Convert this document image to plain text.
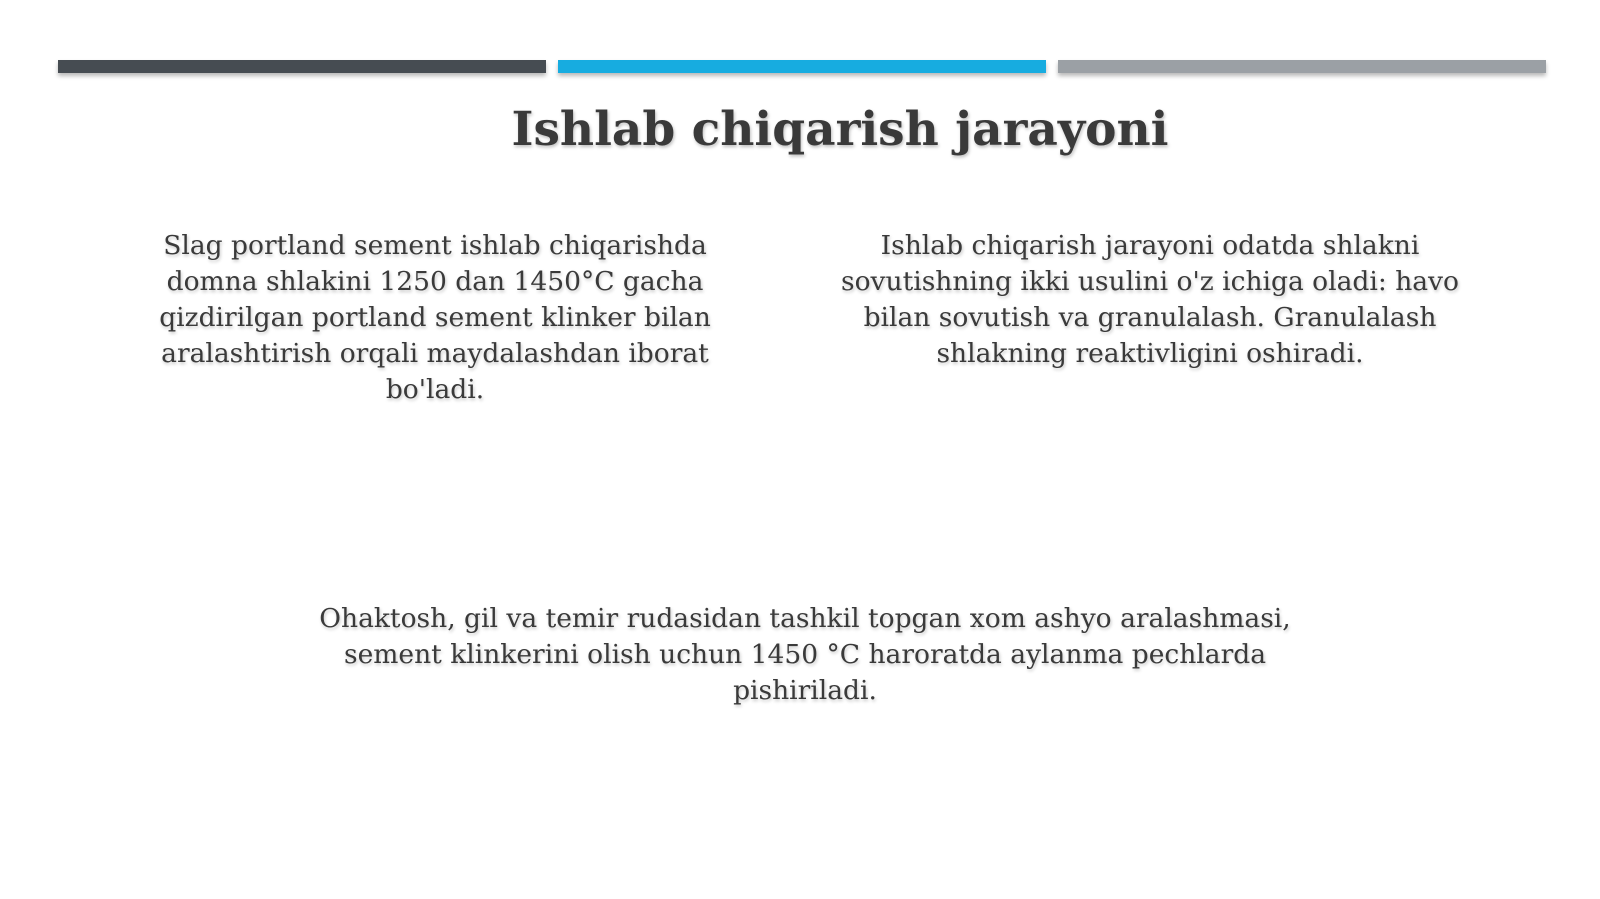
Ishlab chiqarish jarayoni

Slag portland sement ishlab chiqarishda domna shlakini 1250 dan 1450°C gacha qizdirilgan portland sement klinker bilan aralashtirish orqali maydalashdan iborat bo'ladi.

Ishlab chiqarish jarayoni odatda shlakni sovutishning ikki usulini o'z ichiga oladi: havo bilan sovutish va granulalash. Granulalash shlakning reaktivligini oshiradi.

Ohaktosh, gil va temir rudasidan tashkil topgan xom ashyo aralashmasi, sement klinkerini olish uchun 1450 °C haroratda aylanma pechlarda pishiriladi.
